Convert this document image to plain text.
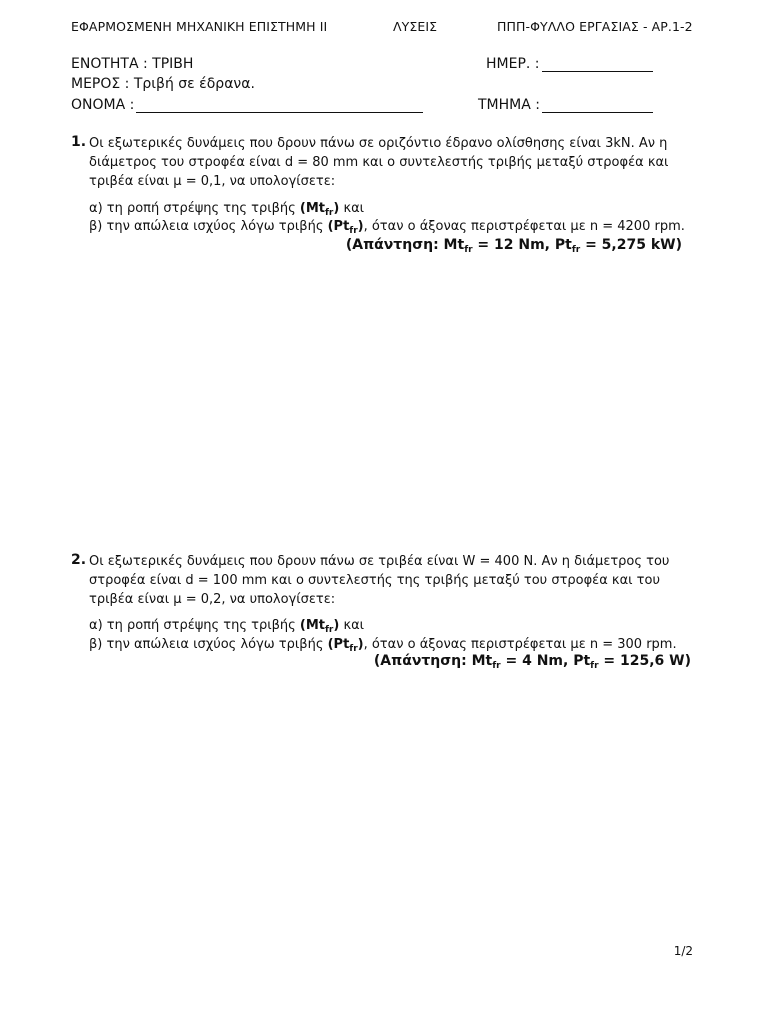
ΕΦΑΡΜΟΣΜΕΝΗ ΜΗΧΑΝΙΚΗ ΕΠΙΣΤΗΜΗ ΙΙ	ΛΥΣΕΙΣ	ΠΠΠ-ΦΥΛΛΟ ΕΡΓΑΣΙΑΣ - ΑΡ.1-2
ΕΝΟΤΗΤΑ : ΤΡΙΒΗ
ΜΕΡΟΣ : Τριβή σε έδρανα.
ΟΝΟΜΑ :
ΗΜΕΡ. :
ΤΜΗΜΑ :
1. Οι εξωτερικές δυνάμεις που δρουν πάνω σε οριζόντιο έδρανο ολίσθησης είναι 3kN. Αν η
διάμετρος του στροφέα είναι d = 80 mm και ο συντελεστής τριβής μεταξύ στροφέα και
τριβέα είναι μ = 0,1, να υπολογίσετε:
α) τη ροπή στρέψης της τριβής $(Mt_{fr})$ και
β) την απώλεια ισχύος λόγω τριβής $(Pt_{fr})$, όταν ο άξονας περιστρέφεται με n = 4200 rpm.
(Απάντηση: $Mt_{fr} = 12$ Nm, $Pt_{fr} = 5,275$ kW)
2. Οι εξωτερικές δυνάμεις που δρουν πάνω σε τριβέα είναι W = 400 N. Αν η διάμετρος του
στροφέα είναι d = 100 mm και ο συντελεστής της τριβής μεταξύ του στροφέα και του
τριβέα είναι μ = 0,2, να υπολογίσετε:
α) τη ροπή στρέψης της τριβής $(Mt_{fr})$ και
β) την απώλεια ισχύος λόγω τριβής $(Pt_{fr})$, όταν ο άξονας περιστρέφεται με n = 300 rpm.
(Απάντηση: $Mt_{fr} = 4$ Nm, $Pt_{fr} = 125,6$ W)
1/2
